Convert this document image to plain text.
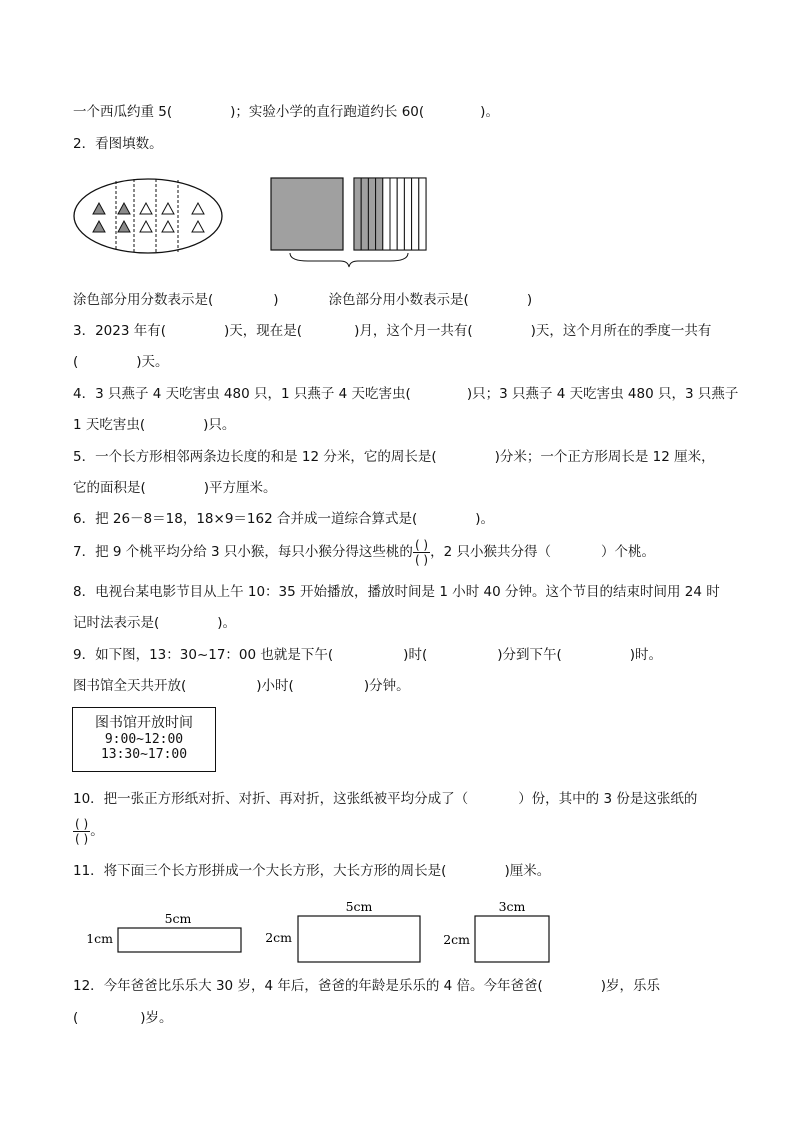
一个西瓜约重 5(	)；实验小学的直行跑道约长 60(	)。
2．看图填数。
涂色部分用分数表示是(	)	涂色部分用小数表示是(	)
3．2023 年有(	)天，现在是(	)月，这个月一共有(	)天，这个月所在的季度一共有
(	)天。
4．3 只燕子 4 天吃害虫 480 只，1 只燕子 4 天吃害虫(	)只；3 只燕子 4 天吃害虫 480 只，3 只燕子
1 天吃害虫(	)只。
5．一个长方形相邻两条边长度的和是 12 分米，它的周长是(	)分米；一个正方形周长是 12 厘米，
它的面积是(	)平方厘米。
6．把 26－8＝18，18×9＝162 合并成一道综合算式是(	)。
7．把 9 个桃平均分给 3 只小猴，每只小猴分得这些桃的 $\frac{( )}{( )}$ ，2 只小猴共分得（	）个桃。
8．电视台某电影节目从上午 10：35 开始播放，播放时间是 1 小时 40 分钟。这个节目的结束时间用 24 时
记时法表示是(	)。
9．如下图，13：30~17：00 也就是下午(	)时(	)分到下午(	)时。
图书馆全天共开放(	)小时(	)分钟。
图书馆开放时间
9:00~12:00
13:30~17:00
10．把一张正方形纸对折、对折、再对折，这张纸被平均分成了（	）份，其中的 3 份是这张纸的
$\frac{( )}{( )}$ 。
11．将下面三个长方形拼成一个大长方形，大长方形的周长是(	)厘米。
5cm
1cm
5cm
2cm
3cm
2cm
12．今年爸爸比乐乐大 30 岁，4 年后，爸爸的年龄是乐乐的 4 倍。今年爸爸(	)岁，乐乐
(	)岁。
